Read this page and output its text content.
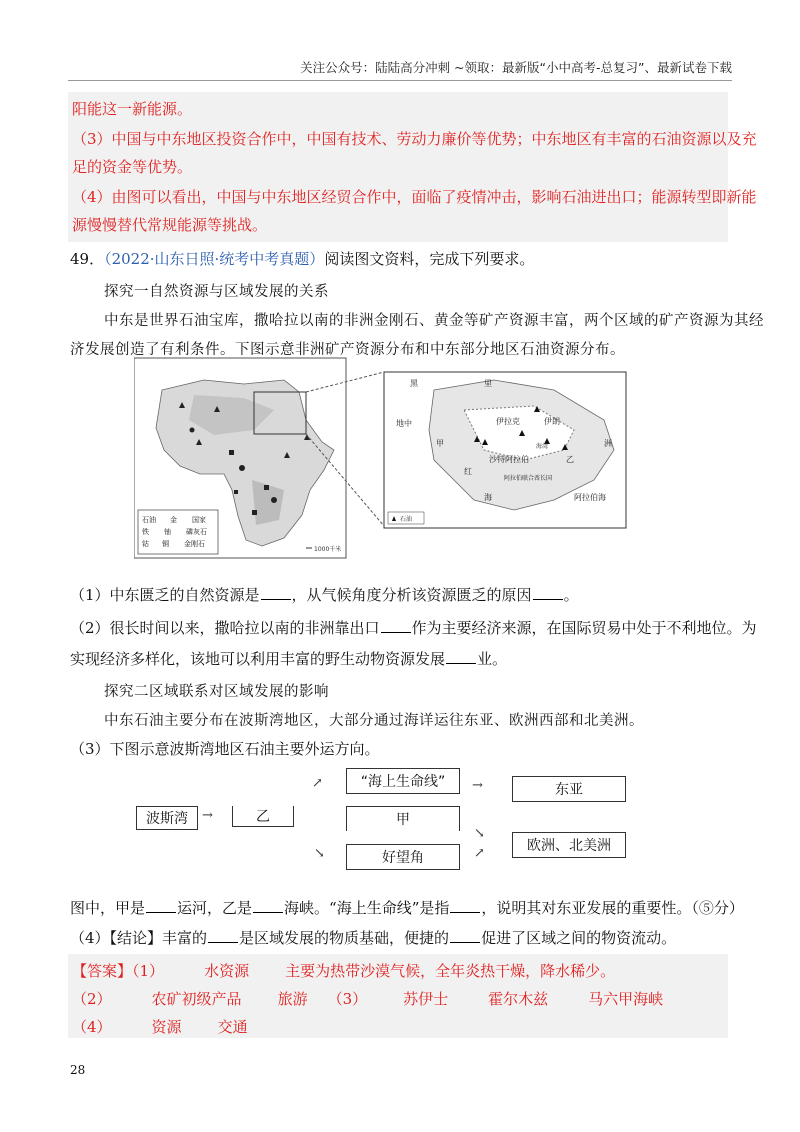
关注公众号：陆陆高分冲刺 ~领取：最新版“小中高考-总复习”、最新试卷下载
阳能这一新能源。
（3）中国与中东地区投资合作中，中国有技术、劳动力廉价等优势；中东地区有丰富的石油资源以及充
足的资金等优势。
（4）由图可以看出，中国与中东地区经贸合作中，面临了疫情冲击，影响石油进出口；能源转型即新能
源慢慢替代常规能源等挑战。
49．（2022·山东日照·统考中考真题）阅读图文资料，完成下列要求。
探究一自然资源与区域发展的关系
中东是世界石油宝库，撒哈拉以南的非洲金刚石、黄金等矿产资源丰富，两个区域的矿产资源为其经
济发展创造了有利条件。下图示意非洲矿产资源分布和中东部分地区石油资源分布。
石油 金 国家
铁 铀 磷灰石
钴 铜 金刚石
1000千米
黑	里
地中	伊拉克	伊朗
沙特阿拉伯
甲
乙
红
阿拉伯海
阿拉伯联合酋长国
海湾	洲
海
石油
（1）中东匮乏的自然资源是 ，从气候角度分析该资源匮乏的原因 。
（2）很长时间以来，撒哈拉以南的非洲靠出口 作为主要经济来源，在国际贸易中处于不利地位。为
实现经济多样化，该地可以利用丰富的野生动物资源发展 业。
探究二区域联系对区域发展的影响
中东石油主要分布在波斯湾地区，大部分通过海详运往东亚、欧洲西部和北美洲。
（3）下图示意波斯湾地区石油主要外运方向。
波斯湾	→	乙
↗
↘
“海上生命线”
甲
好望角
→
↘
↗
东亚
欧洲、北美洲
图中，甲是 运河，乙是 海峡。“海上生命线”是指 ，说明其对东亚发展的重要性。（⑤分）
（4）【结论】丰富的 是区域发展的物质基础，便捷的 促进了区域之间的物资流动。
【答案】（1）	水资源 主要为热带沙漠气候，全年炎热干燥，降水稀少。
（2）	农矿初级产品 旅游 （3） 苏伊士	霍尔木兹	马六甲海峡
（4）	资源 交通
28
